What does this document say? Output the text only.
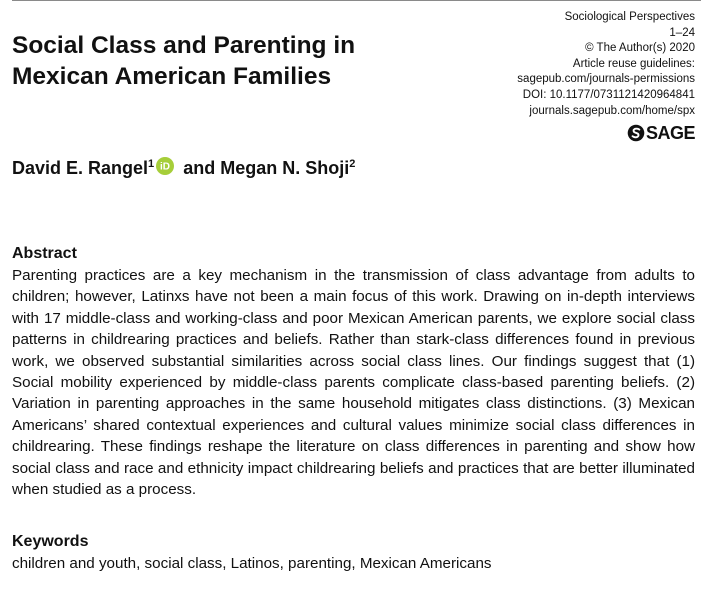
Sociological Perspectives
1–24
© The Author(s) 2020
Article reuse guidelines:
sagepub.com/journals-permissions
DOI: 10.1177/0731121420964841
journals.sagepub.com/home/spx
SAGE
Social Class and Parenting in Mexican American Families

David E. Rangel$^1$ iD and Megan N. Shoji$^2$

Abstract

Parenting practices are a key mechanism in the transmission of class advantage from adults to children; however, Latinxs have not been a main focus of this work. Drawing on in-depth interviews with 17 middle-class and working-class and poor Mexican American parents, we explore social class patterns in childrearing practices and beliefs. Rather than stark-class differences found in previous work, we observed substantial similarities across social class lines. Our findings suggest that (1) Social mobility experienced by middle-class parents complicate class-based parenting beliefs. (2) Variation in parenting approaches in the same household mitigates class distinctions. (3) Mexican Americans’ shared contextual experiences and cultural values minimize social class differences in childrearing. These findings reshape the literature on class differences in parenting and show how social class and race and ethnicity impact childrearing beliefs and practices that are better illuminated when studied as a process.

Keywords

children and youth, social class, Latinos, parenting, Mexican Americans
